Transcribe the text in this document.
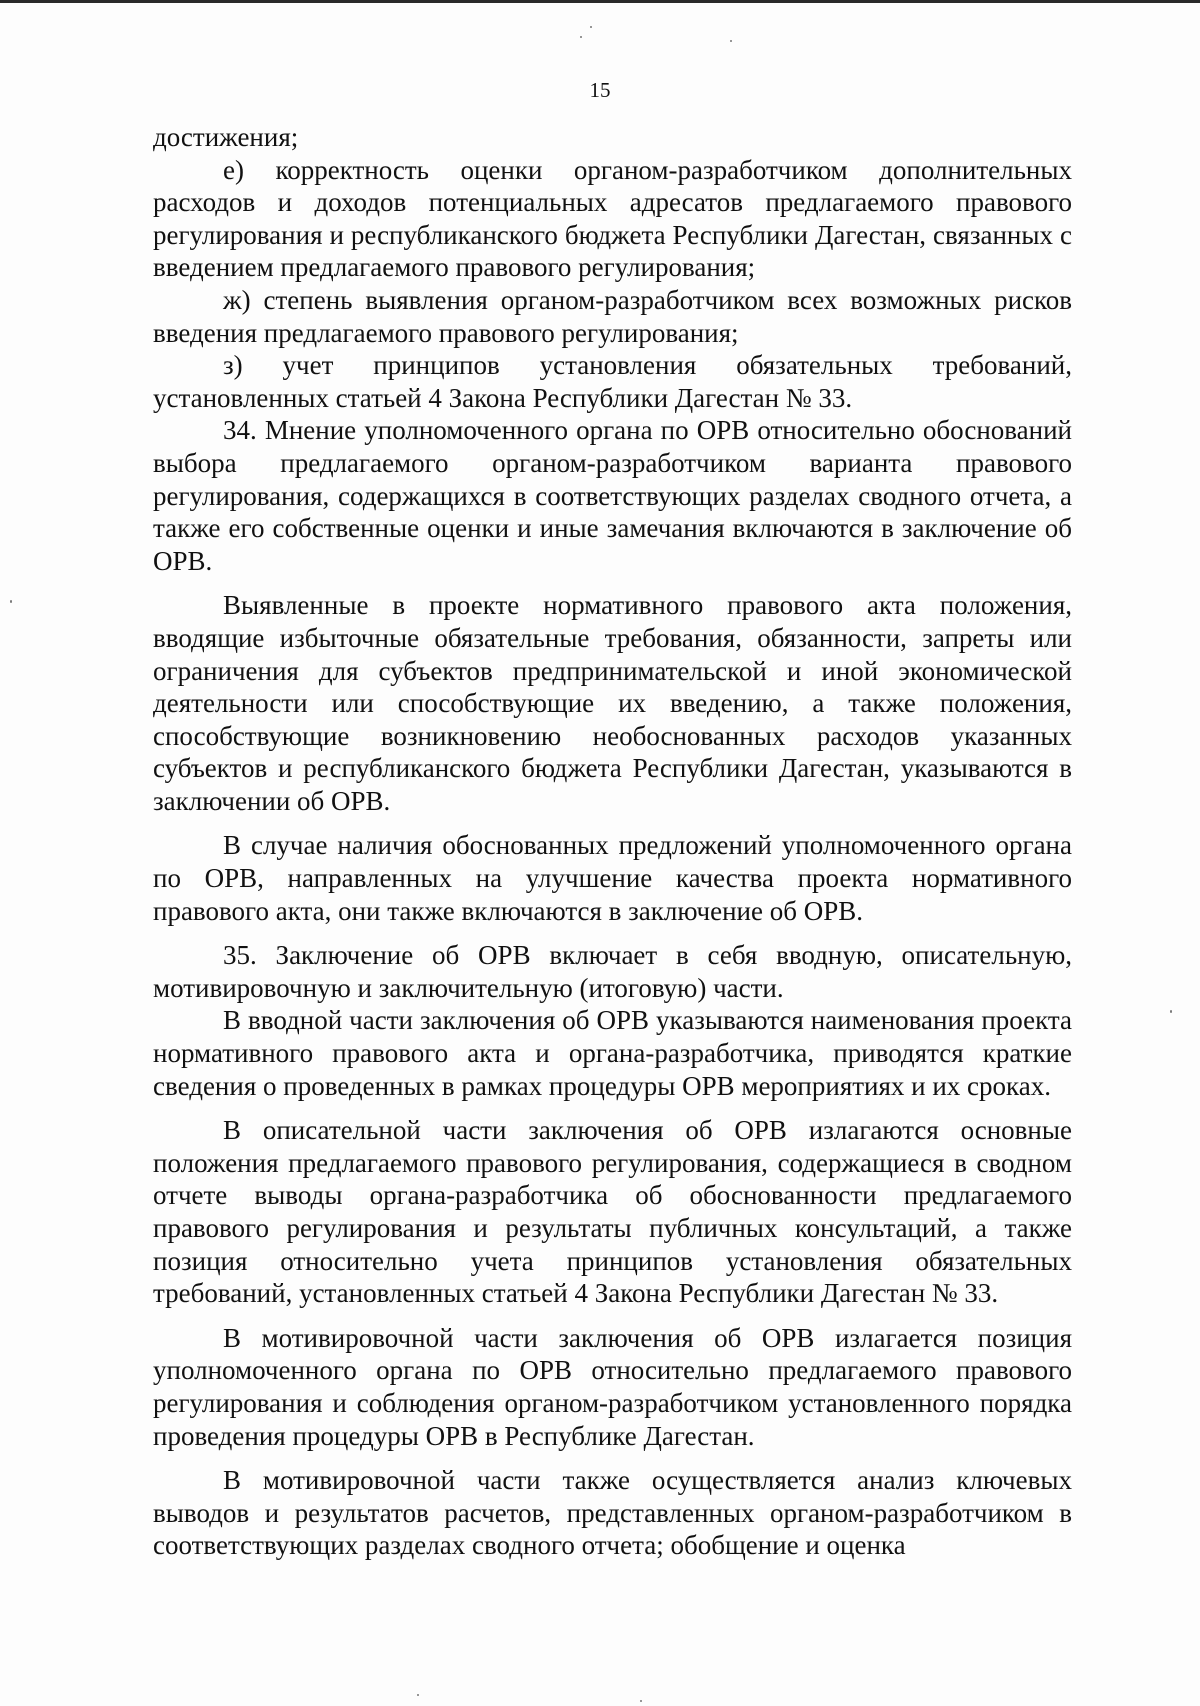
15

достижения;

е) корректность оценки органом-разработчиком дополнительных расходов и доходов потенциальных адресатов предлагаемого правового регулирования и республиканского бюджета Республики Дагестан, связанных с введением предлагаемого правового регулирования;

ж) степень выявления органом-разработчиком всех возможных рисков введения предлагаемого правового регулирования;

з) учет принципов установления обязательных требований, установленных статьей 4 Закона Республики Дагестан № 33.

34. Мнение уполномоченного органа по ОРВ относительно обоснований выбора предлагаемого органом-разработчиком варианта правового регулирования, содержащихся в соответствующих разделах сводного отчета, а также его собственные оценки и иные замечания включаются в заключение об ОРВ.

Выявленные в проекте нормативного правового акта положения, вводящие избыточные обязательные требования, обязанности, запреты или ограничения для субъектов предпринимательской и иной экономической деятельности или способствующие их введению, а также положения, способствующие возникновению необоснованных расходов указанных субъектов и республиканского бюджета Республики Дагестан, указываются в заключении об ОРВ.

В случае наличия обоснованных предложений уполномоченного органа по ОРВ, направленных на улучшение качества проекта нормативного правового акта, они также включаются в заключение об ОРВ.

35. Заключение об ОРВ включает в себя вводную, описательную, мотивировочную и заключительную (итоговую) части.

В вводной части заключения об ОРВ указываются наименования проекта нормативного правового акта и органа-разработчика, приводятся краткие сведения о проведенных в рамках процедуры ОРВ мероприятиях и их сроках.

В описательной части заключения об ОРВ излагаются основные положения предлагаемого правового регулирования, содержащиеся в сводном отчете выводы органа-разработчика об обоснованности предлагаемого правового регулирования и результаты публичных консультаций, а также позиция относительно учета принципов установления обязательных требований, установленных статьей 4 Закона Республики Дагестан № 33.

В мотивировочной части заключения об ОРВ излагается позиция уполномоченного органа по ОРВ относительно предлагаемого правового регулирования и соблюдения органом-разработчиком установленного порядка проведения процедуры ОРВ в Республике Дагестан.

В мотивировочной части также осуществляется анализ ключевых выводов и результатов расчетов, представленных органом-разработчиком в соответствующих разделах сводного отчета; обобщение и оценка
